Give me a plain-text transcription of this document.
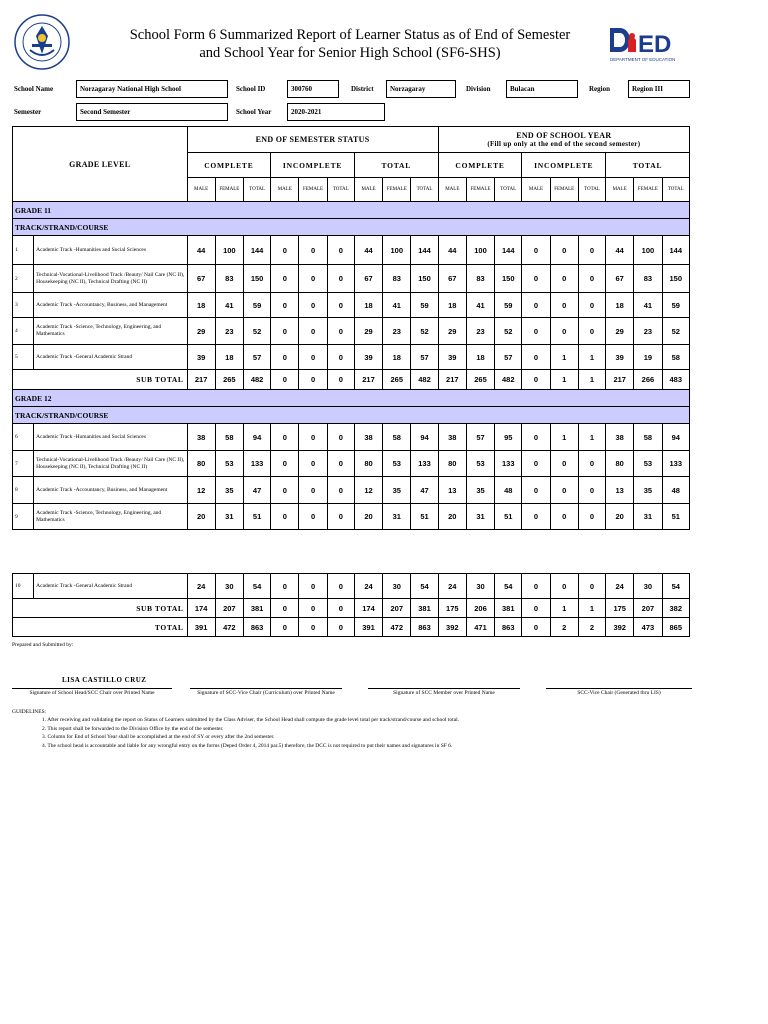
ED
DEPARTMENT OF EDUCATION
School Form 6 Summarized Report of Learner Status as of End of Semester
and School Year for Senior High School (SF6-SHS)
School Name	Norzagaray National High School	School ID	300760	District	Norzagaray	Division	Bulacan	Region	Region III
Semester	Second Semester	School Year	2020-2021
GRADE LEVEL		END OF SEMESTER STATUS									END OF SCHOOL YEAR
(Fill up only at the end of the second semester)								

		COMPLETE			INCOMPLETE			TOTAL			COMPLETE			INCOMPLETE			TOTAL		
		MALE	FEMALE	TOTAL	MALE	FEMALE	TOTAL	MALE	FEMALE	TOTAL	MALE	FEMALE	TOTAL	MALE	FEMALE	TOTAL	MALE	FEMALE	TOTAL
GRADE 11																			
TRACK/STRAND/COURSE																			
1	Academic Track -Humanities and Social Sciences	44	100	144	0	0	0	44	100	144	44	100	144	0	0	0	44	100	144
2	Technical-Vocational-Livelihood Track /Beauty/ Nail Care (NC II), Housekeeping (NC II), Technical Drafting (NC II)	67	83	150	0	0	0	67	83	150	67	83	150	0	0	0	67	83	150
3	Academic Track -Accountancy, Business, and Management	18	41	59	0	0	0	18	41	59	18	41	59	0	0	0	18	41	59
4	Academic Track -Science, Technology, Engineering, and Mathematics	29	23	52	0	0	0	29	23	52	29	23	52	0	0	0	29	23	52
5	Academic Track -General Academic Strand	39	18	57	0	0	0	39	18	57	39	18	57	0	1	1	39	19	58
SUB TOTAL		217	265	482	0	0	0	217	265	482	217	265	482	0	1	1	217	266	483
GRADE 12																			
TRACK/STRAND/COURSE																			
6	Academic Track -Humanities and Social Sciences	38	58	94	0	0	0	38	58	94	38	57	95	0	1	1	38	58	94
7	Technical-Vocational-Livelihood Track /Beauty/ Nail Care (NC II), Housekeeping (NC II), Technical Drafting (NC II)	80	53	133	0	0	0	80	53	133	80	53	133	0	0	0	80	53	133
8	Academic Track -Accountancy, Business, and Management	12	35	47	0	0	0	12	35	47	13	35	48	0	0	0	13	35	48
9	Academic Track -Science, Technology, Engineering, and Mathematics	20	31	51	0	0	0	20	31	51	20	31	51	0	0	0	20	31	51

10	Academic Track -General Academic Strand	24	30	54	0	0	0	24	30	54	24	30	54	0	0	0	24	30	54
SUB TOTAL		174	207	381	0	0	0	174	207	381	175	206	381	0	1	1	175	207	382
TOTAL		391	472	863	0	0	0	391	472	863	392	471	863	0	2	2	392	473	865
Prepared and Submitted by:
LISA CASTILLO CRUZ
Signature of School Head/SCC Chair over Printed Name	Signature of SCC-Vice Chair (Curriculum) over Printed Name	Signature of SCC Member over Printed Name	SCC-Vice Chair (Generated thru LIS)
GUIDELINES:
1. After receiving and validating the report on Status of Learners submitted by the Class Adviser, the School Head shall compute the grade level total per track/strand/course and school total.
2. This report shall be forwarded to the Division Office by the end of the semester.
3. Column for End of School Year shall be accomplished at the end of SY or every after the 2nd semester.
4. The school head is accountable and liable for any wrongful entry on the forms (Deped Order 4, 2014 par.5) therefore, the DCC is not required to put their names and signatures in SF 6.
